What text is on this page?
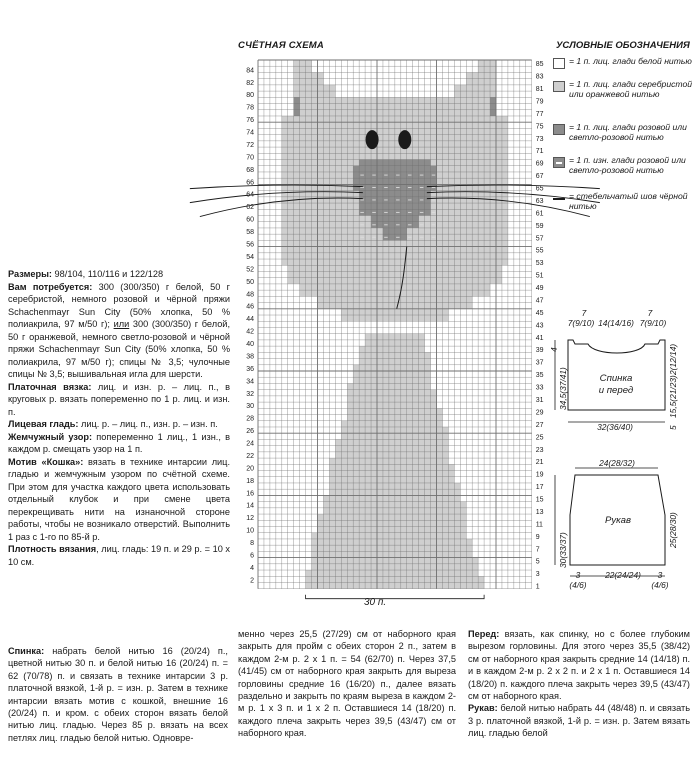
СЧЁТНАЯ СХЕМА
84
82
80
78
76
74
72
70
68
66
64
62
60
58
56
54
52
50
48
46
44
42
40
38
36
34
32
30
28
26
24
22
20
18
16
14
12
10
8
6
4
2
85
83
81
79
77
75
73
71
69
67
65
63
61
59
57
55
53
51
49
47
45
43
41
39
37
35
33
31
29
27
25
23
21
19
17
15
13
11
9
7
5
3
1
30 п.
УСЛОВНЫЕ ОБОЗНАЧЕНИЯ
= 1 п. лиц. глади белой нитью
= 1 п. лиц. глади серебристой или оранжевой нитью
= 1 п. лиц. глади розовой или светло-розовой нитью
= 1 п. изн. глади розовой или светло-розовой нитью
= стебельчатый шов чёрной нитью

Размеры: 98/104, 110/116 и 122/128

Вам потребуется: 300 (300/350) г белой, 50 г серебристой, немного розовой и чёрной пряжи Schachenmayr Sun City (50% хлопка, 50 % полиакрила, 97 м/50 г); или 300 (300/350) г белой, 50 г оранжевой, немного светло-розовой и чёрной пряжи Schachenmayr Sun City (50% хлопка, 50 % полиакрила, 97 м/50 г); спицы № 3,5; чулочные спицы № 3,5; вышивальная игла для шерсти.

Платочная вязка: лиц. и изн. р. – лиц. п., в круговых р. вязать попеременно по 1 р. лиц. и изн. п.

Лицевая гладь: лиц. р. – лиц. п., изн. р. – изн. п.

Жемчужный узор: попеременно 1 лиц., 1 изн., в каждом р. смещать узор на 1 п.

Мотив «Кошка»: вязать в технике интарсии лиц. гладью и жемчужным узором по счётной схеме. При этом для участка каждого цвета использовать отдельный клубок и при смене цвета перекрещивать нити на изнаночной стороне работы, чтобы не возникало отверстий. Выполнить 1 раз с 1-го по 85-й р.

Плотность вязания, лиц. гладь: 19 п. и 29 р. = 10 х 10 см.

Спинка: набрать белой нитью 16 (20/24) п., цветной нитью 30 п. и белой нитью 16 (20/24) п. = 62 (70/78) п. и связать в технике интарсии 3 р. платочной вязкой, 1-й р. = изн. р. Затем в технике интарсии вязать мотив с кошкой, внешние 16 (20/24) п. и кром. с обеих сторон вязать белой нитью лиц. гладью. Через 85 р. вязать на всех петлях лиц. гладью белой нитью. Одновре-
менно через 25,5 (27/29) см от наборного края закрыть для пройм с обеих сторон 2 п., затем в каждом 2-м р. 2 х 1 п. = 54 (62/70) п. Через 37,5 (41/45) см от наборного края закрыть для выреза горловины средние 16 (16/20) п., далее вязать раздельно и закрыть по краям выреза в каждом 2-м р. 1 х 3 п. и 1 х 2 п. Оставшиеся 14 (18/20) п. каждого плеча закрыть через 39,5 (43/47) см от наборного края.
Перед: вязать, как спинку, но с более глубоким вырезом горловины. Для этого через 35,5 (38/42) см от наборного края закрыть средние 14 (14/18) п. и в каждом 2-м р. 2 х 2 п. и 2 х 1 п. Оставшиеся 14 (18/20) п. каждого плеча закрыть через 39,5 (43/47) см от наборного края.
Рукав: белой нитью набрать 44 (48/48) п. и связать 3 р. платочной вязкой, 1-й р. = изн. р. Затем вязать лиц. гладью белой
7
14(14/16)
7
7(9/10)	7(9/10)
Спинка
и перед
32(36/40)
34,5(37/41)
4
5
15,5(21/23)
2(12/14)
24(28/32)
Рукав
30(33/37)
25(28/30)
22(24/24)
3
(4/6)
3
(4/6)
